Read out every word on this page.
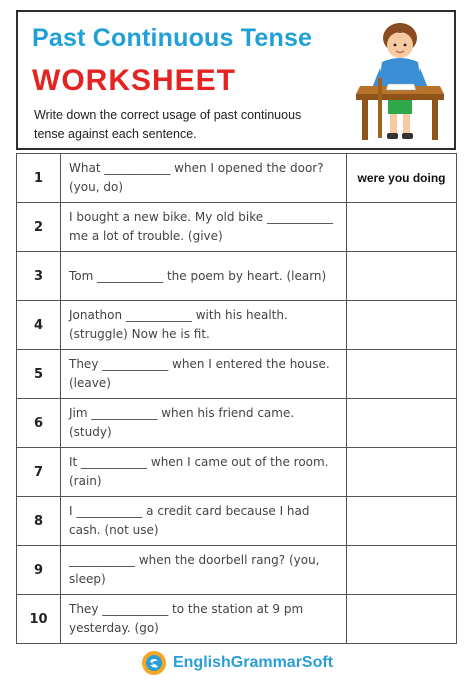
Past Continuous Tense
WORKSHEET
Write down the correct usage of past continuous tense against each sentence.
1	What ___________ when I opened the door? (you, do)	were you doing
2	I bought a new bike. My old bike ___________ me a lot of trouble. (give)	
3	Tom ___________ the poem by heart. (learn)	
4	Jonathon ___________ with his health. (struggle) Now he is fit.	
5	They ___________ when I entered the house. (leave)	
6	Jim ___________ when his friend came. (study)	
7	It ___________ when I came out of the room. (rain)	
8	I ___________ a credit card because I had cash. (not use)	
9	___________ when the doorbell rang? (you, sleep)	
10	They ___________ to the station at 9 pm yesterday. (go)	
EnglishGrammarSoft
